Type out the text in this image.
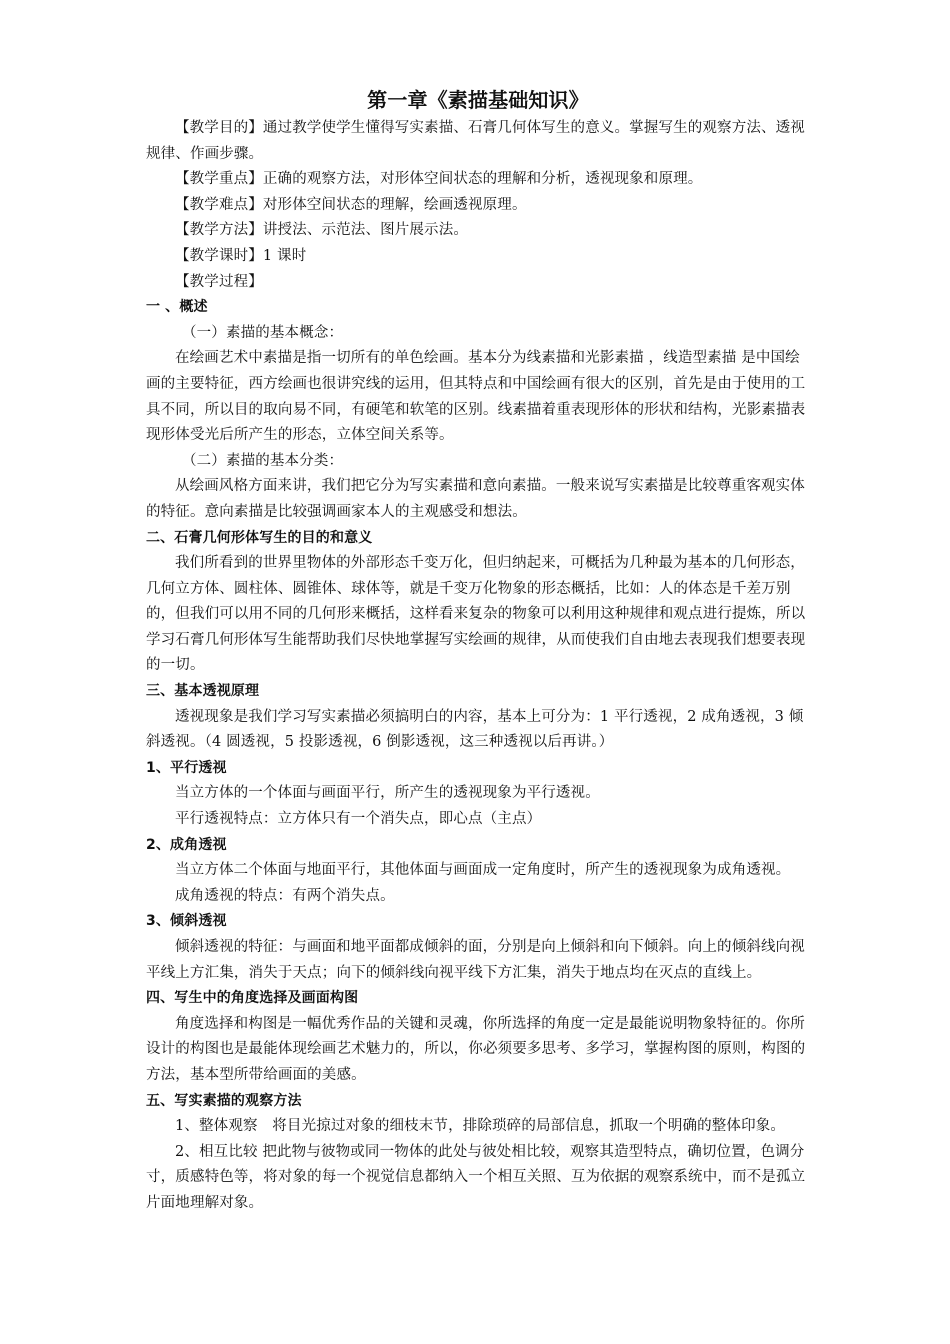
第一章《素描基础知识》

【教学目的】通过教学使学生懂得写实素描、石膏几何体写生的意义。掌握写生的观察方法、透视规律、作画步骤。

【教学重点】正确的观察方法，对形体空间状态的理解和分析，透视现象和原理。

【教学难点】对形体空间状态的理解，绘画透视原理。

【教学方法】讲授法、示范法、图片展示法。

【教学课时】1 课时

【教学过程】

一 、概述

（一）素描的基本概念：

在绘画艺术中素描是指一切所有的单色绘画。基本分为线素描和光影素描 ，线造型素描 是中国绘画的主要特征，西方绘画也很讲究线的运用，但其特点和中国绘画有很大的区别，首先是由于使用的工具不同，所以目的取向易不同，有硬笔和软笔的区别。线素描着重表现形体的形状和结构，光影素描表现形体受光后所产生的形态，立体空间关系等。

（二）素描的基本分类：

从绘画风格方面来讲，我们把它分为写实素描和意向素描。一般来说写实素描是比较尊重客观实体的特征。意向素描是比较强调画家本人的主观感受和想法。

二、石膏几何形体写生的目的和意义

我们所看到的世界里物体的外部形态千变万化，但归纳起来，可概括为几种最为基本的几何形态，几何立方体、圆柱体、圆锥体、球体等，就是千变万化物象的形态概括，比如：人的体态是千差万别的，但我们可以用不同的几何形来概括，这样看来复杂的物象可以利用这种规律和观点进行提炼，所以学习石膏几何形体写生能帮助我们尽快地掌握写实绘画的规律，从而使我们自由地去表现我们想要表现的一切。

三、基本透视原理

透视现象是我们学习写实素描必须搞明白的内容，基本上可分为：1 平行透视，2 成角透视，3 倾斜透视。（4 圆透视，5 投影透视，6 倒影透视，这三种透视以后再讲。）

1、平行透视

当立方体的一个体面与画面平行，所产生的透视现象为平行透视。

平行透视特点：立方体只有一个消失点，即心点（主点）

2、成角透视

当立方体二个体面与地面平行，其他体面与画面成一定角度时，所产生的透视现象为成角透视。

成角透视的特点：有两个消失点。

3、倾斜透视

倾斜透视的特征：与画面和地平面都成倾斜的面，分别是向上倾斜和向下倾斜。向上的倾斜线向视平线上方汇集，消失于天点；向下的倾斜线向视平线下方汇集，消失于地点均在灭点的直线上。

四、写生中的角度选择及画面构图

角度选择和构图是一幅优秀作品的关键和灵魂，你所选择的角度一定是最能说明物象特征的。你所设计的构图也是最能体现绘画艺术魅力的，所以，你必须要多思考、多学习，掌握构图的原则，构图的方法，基本型所带给画面的美感。

五、写实素描的观察方法

1、整体观察　将目光掠过对象的细枝末节，排除琐碎的局部信息，抓取一个明确的整体印象。

2、相互比较 把此物与彼物或同一物体的此处与彼处相比较，观察其造型特点，确切位置，色调分寸，质感特色等，将对象的每一个视觉信息都纳入一个相互关照、互为依据的观察系统中，而不是孤立片面地理解对象。
